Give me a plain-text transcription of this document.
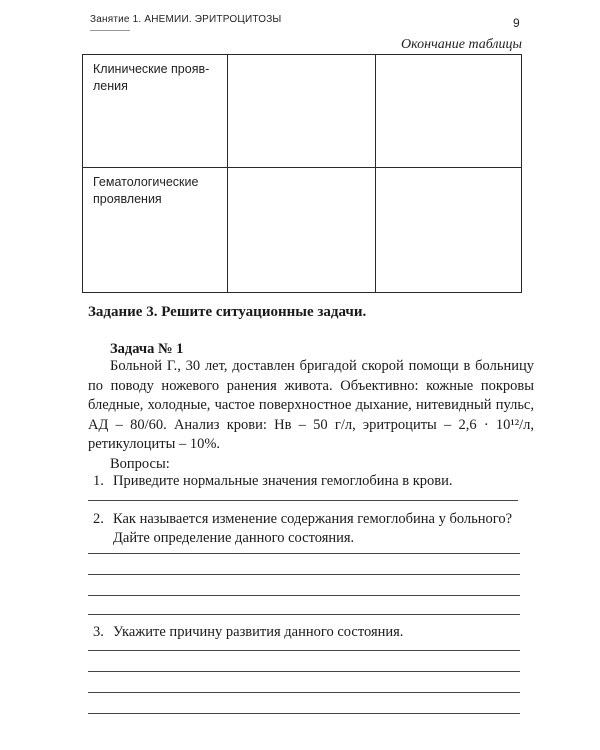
Занятие 1. АНЕМИИ. ЭРИТРОЦИТОЗЫ	9
Окончание таблицы
Клинические прояв-
ления		
Гематологические
проявления		
Задание 3. Решите ситуационные задачи.
Задача № 1
Больной Г., 30 лет, доставлен бригадой скорой помощи в больницу по поводу ножевого ранения живота. Объективно: кожные покровы бледные, холодные, частое поверхностное дыхание, нитевидный пульс, АД – 80/60. Анализ крови: Нв – 50 г/л, эритроциты – 2,6 · 10¹²/л, ретикулоциты – 10%.
Вопросы:
1. Приведите нормальные значения гемоглобина в крови.
2. Как называется изменение содержания гемоглобина у больного?
Дайте определение данного состояния.
3. Укажите причину развития данного состояния.
